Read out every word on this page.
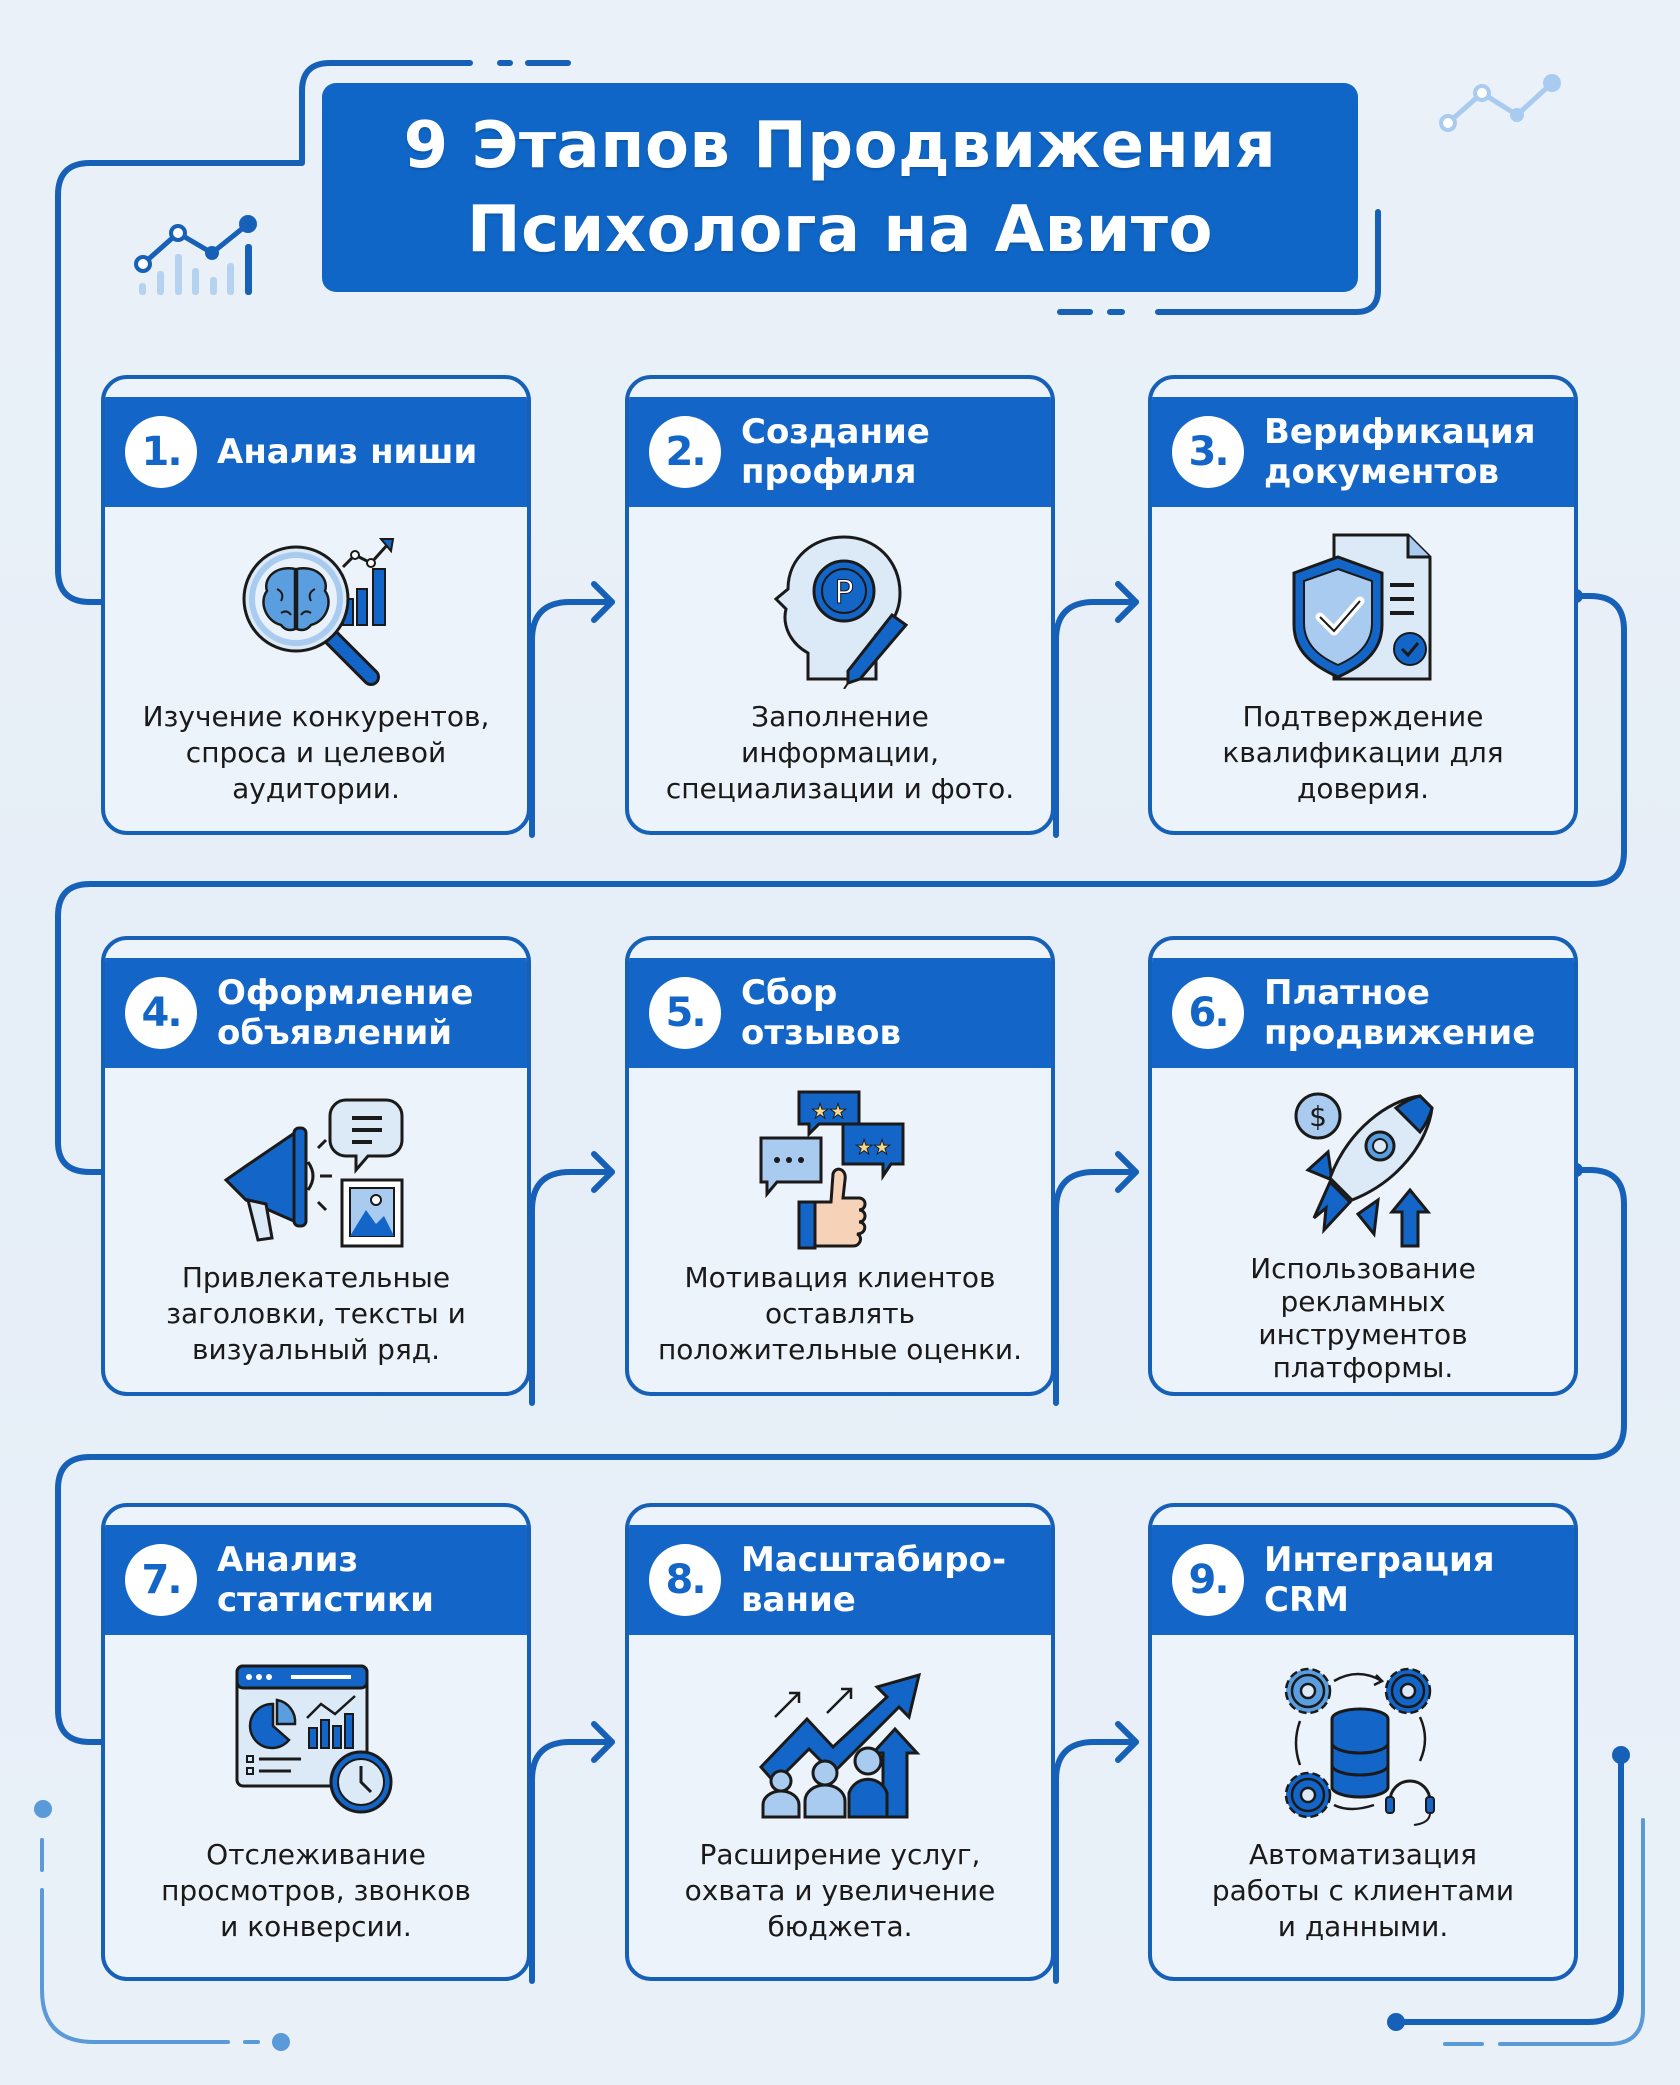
9 Этапов Продвижения
Психолога на Авито
1.	Анализ ниши
Изучение конкурентов,
спроса и целевой
аудитории.
2.	Создание
профиля
P
Заполнение
информации,
специализации и фото.
3.	Верификация
документов
Подтверждение
квалификации для
доверия.
4.	Оформление
объявлений
Привлекательные
заголовки, тексты и
визуальный ряд.
5.	Сбор
отзывов
★★
★★
Мотивация клиентов
оставлять
положительные оценки.
6.	Платное
продвижение
$
Использование
рекламных
инструментов
платформы.
7.	Анализ
статистики
Отслеживание
просмотров, звонков
и конверсии.
8.	Масштабиро-
вание
Расширение услуг,
охвата и увеличение
бюджета.
9.	Интеграция
CRM
Автоматизация
работы с клиентами
и данными.
